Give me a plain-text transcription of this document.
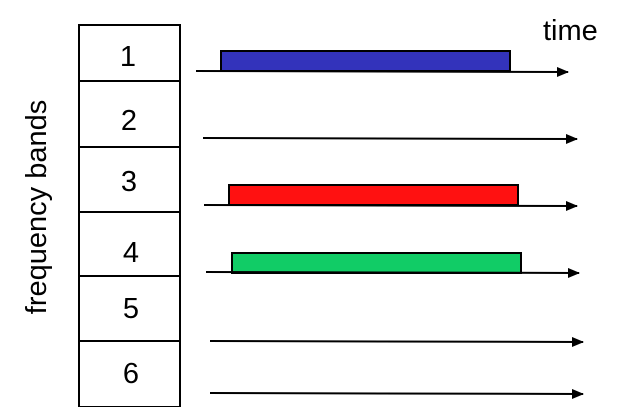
time
frequency bands
1
2
3
4
5
6
